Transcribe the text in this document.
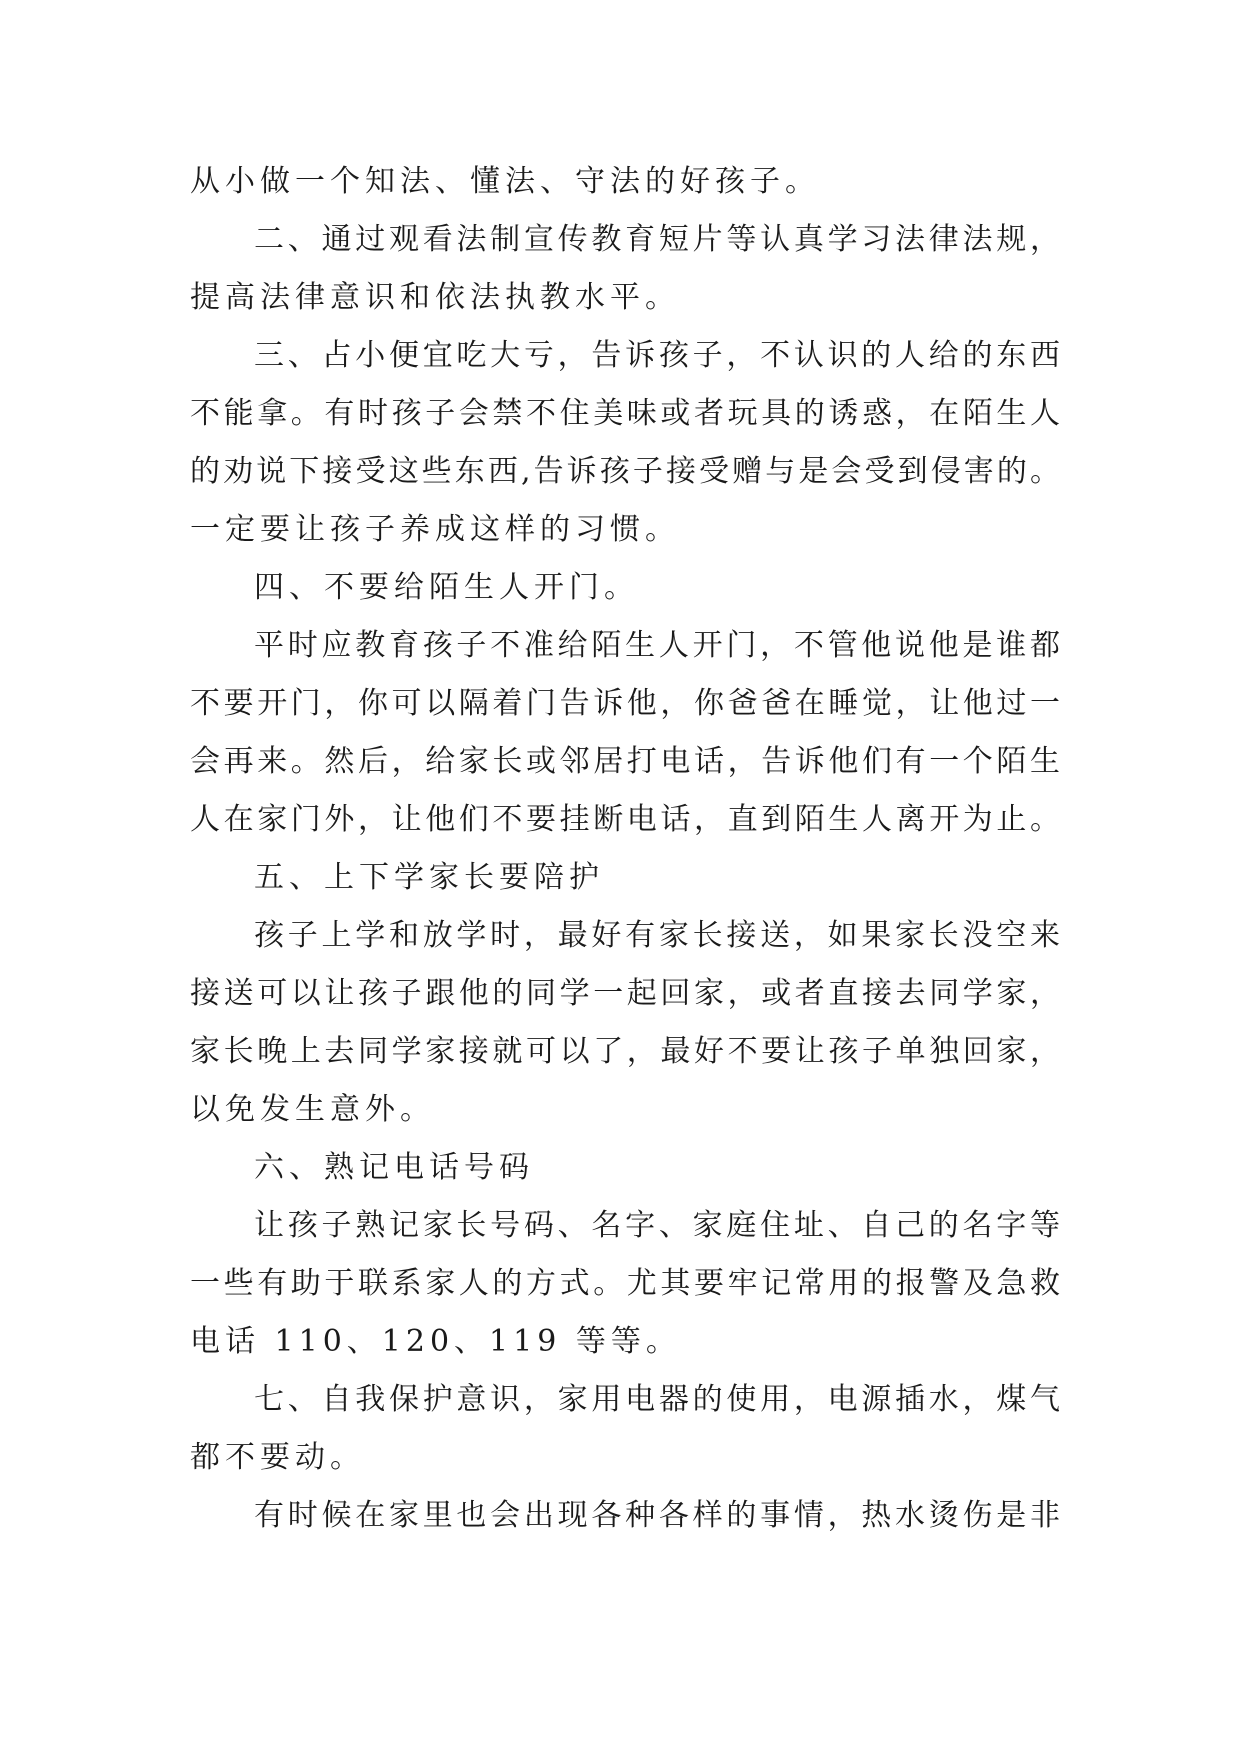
从小做一个知法、懂法、守法的好孩子。
二、通过观看法制宣传教育短片等认真学习法律法规，
提高法律意识和依法执教水平。
三、占小便宜吃大亏，告诉孩子，不认识的人给的东西
不能拿。有时孩子会禁不住美味或者玩具的诱惑，在陌生人
的劝说下接受这些东西,告诉孩子接受赠与是会受到侵害的。
一定要让孩子养成这样的习惯。
四、不要给陌生人开门。
平时应教育孩子不准给陌生人开门，不管他说他是谁都
不要开门，你可以隔着门告诉他，你爸爸在睡觉，让他过一
会再来。然后，给家长或邻居打电话，告诉他们有一个陌生
人在家门外，让他们不要挂断电话，直到陌生人离开为止。
五、上下学家长要陪护
孩子上学和放学时，最好有家长接送，如果家长没空来
接送可以让孩子跟他的同学一起回家，或者直接去同学家，
家长晚上去同学家接就可以了，最好不要让孩子单独回家，
以免发生意外。
六、熟记电话号码
让孩子熟记家长号码、名字、家庭住址、自己的名字等
一些有助于联系家人的方式。尤其要牢记常用的报警及急救
电话 110、120、119 等等。
七、自我保护意识，家用电器的使用，电源插水，煤气
都不要动。
有时候在家里也会出现各种各样的事情，热水烫伤是非
